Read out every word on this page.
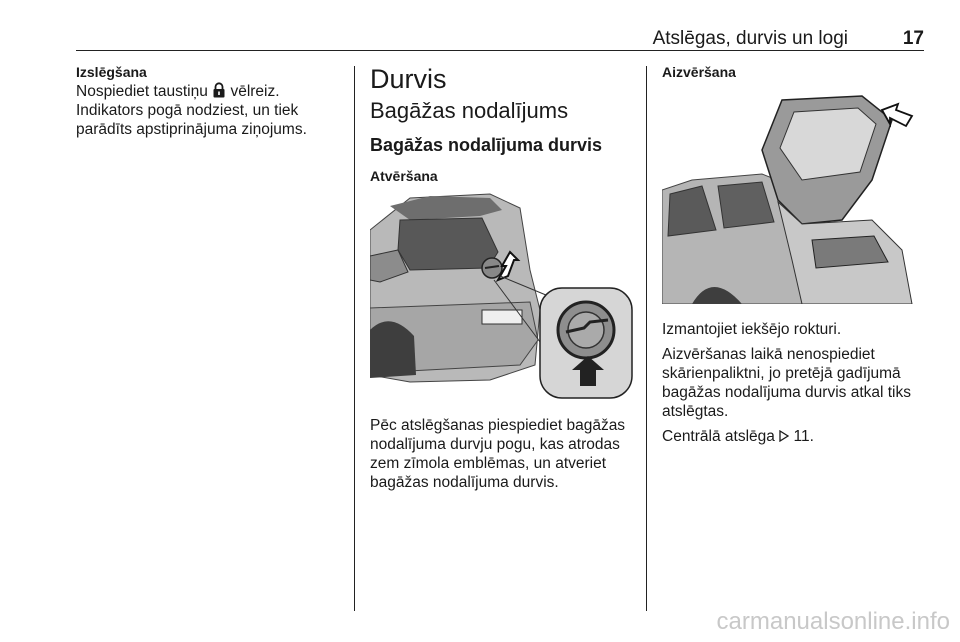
Atslēgas, durvis un logi	17
Izslēgšana
Nospiediet taustiņu  vēlreiz.
Indikators pogā nodziest, un tiek parādīts apstiprinājuma ziņojums.
Durvis
Bagāžas nodalījums
Bagāžas nodalījuma durvis
Atvēršana
Pēc atslēgšanas piespiediet bagāžas nodalījuma durvju pogu, kas atrodas zem zīmola emblēmas, un atveriet bagāžas nodalījuma durvis.
Aizvēršana
Izmantojiet iekšējo rokturi.
Aizvēršanas laikā nenospiediet skārienpaliktni, jo pretējā gadījumā bagāžas nodalījuma durvis atkal tiks atslēgtas.
Centrālā atslēga  11.
carmanualsonline.info
